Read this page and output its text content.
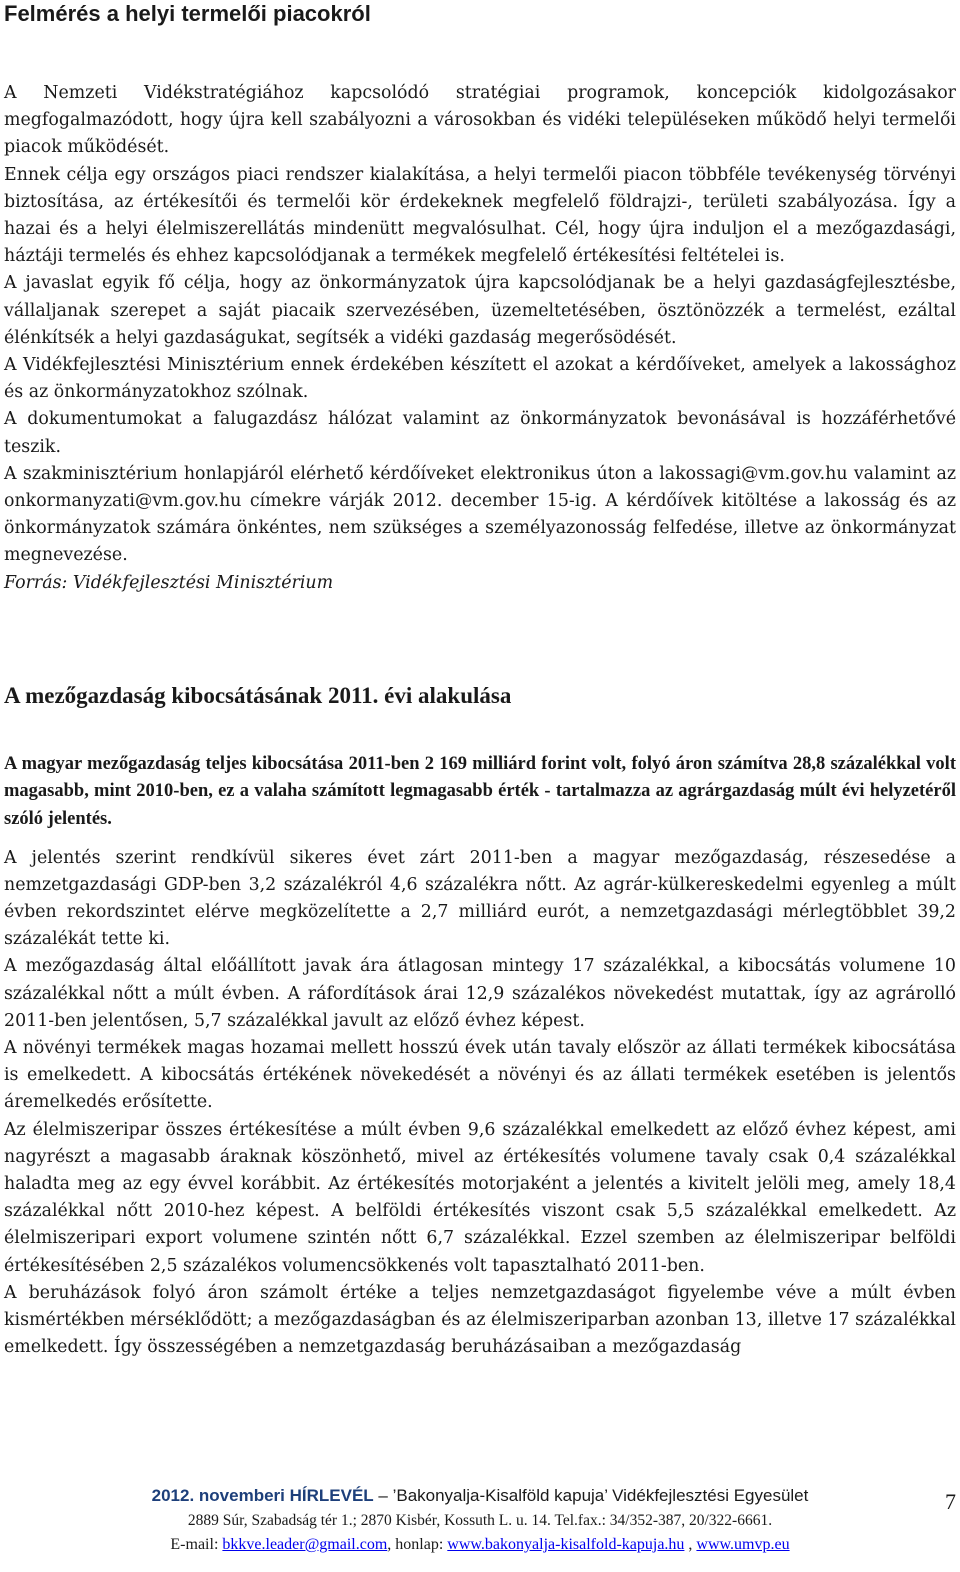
Felmérés a helyi termelői piacokról

A Nemzeti Vidékstratégiához kapcsolódó stratégiai programok, koncepciók kidolgozásakor megfogalmazódott, hogy újra kell szabályozni a városokban és vidéki településeken működő helyi termelői piacok működését.

Ennek célja egy országos piaci rendszer kialakítása, a helyi termelői piacon többféle tevékenység törvényi biztosítása, az értékesítői és termelői kör érdekeknek megfelelő földrajzi-, területi szabályozása. Így a hazai és a helyi élelmiszerellátás mindenütt megvalósulhat. Cél, hogy újra induljon el a mezőgazdasági, háztáji termelés és ehhez kapcsolódjanak a termékek megfelelő értékesítési feltételei is.

A javaslat egyik fő célja, hogy az önkormányzatok újra kapcsolódjanak be a helyi gazdaságfejlesztésbe, vállaljanak szerepet a saját piacaik szervezésében, üzemeltetésében, ösztönözzék a termelést, ezáltal élénkítsék a helyi gazdaságukat, segítsék a vidéki gazdaság megerősödését.

A Vidékfejlesztési Minisztérium ennek érdekében készített el azokat a kérdőíveket, amelyek a lakossághoz és az önkormányzatokhoz szólnak.

A dokumentumokat a falugazdász hálózat valamint az önkormányzatok bevonásával is hozzáférhetővé teszik.

A szakminisztérium honlapjáról elérhető kérdőíveket elektronikus úton a lakossagi@vm.gov.hu valamint az onkormanyzati@vm.gov.hu címekre várják 2012. december 15-ig. A kérdőívek kitöltése a lakosság és az önkormányzatok számára önkéntes, nem szükséges a személyazonosság felfedése, illetve az önkormányzat megnevezése.

Forrás: Vidékfejlesztési Minisztérium

A mezőgazdaság kibocsátásának 2011. évi alakulása

A magyar mezőgazdaság teljes kibocsátása 2011-ben 2 169 milliárd forint volt, folyó áron számítva 28,8 százalékkal volt magasabb, mint 2010-ben, ez a valaha számított legmagasabb érték - tartalmazza az agrárgazdaság múlt évi helyzetéről szóló jelentés.

A jelentés szerint rendkívül sikeres évet zárt 2011-ben a magyar mezőgazdaság, részesedése a nemzetgazdasági GDP-ben 3,2 százalékról 4,6 százalékra nőtt. Az agrár-külkereskedelmi egyenleg a múlt évben rekordszintet elérve megközelítette a 2,7 milliárd eurót, a nemzetgazdasági mérlegtöbblet 39,2 százalékát tette ki.

A mezőgazdaság által előállított javak ára átlagosan mintegy 17 százalékkal, a kibocsátás volumene 10 százalékkal nőtt a múlt évben. A ráfordítások árai 12,9 százalékos növekedést mutattak, így az agrárolló 2011-ben jelentősen, 5,7 százalékkal javult az előző évhez képest.

A növényi termékek magas hozamai mellett hosszú évek után tavaly először az állati termékek kibocsátása is emelkedett. A kibocsátás értékének növekedését a növényi és az állati termékek esetében is jelentős áremelkedés erősítette.

Az élelmiszeripar összes értékesítése a múlt évben 9,6 százalékkal emelkedett az előző évhez képest, ami nagyrészt a magasabb áraknak köszönhető, mivel az értékesítés volumene tavaly csak 0,4 százalékkal haladta meg az egy évvel korábbit. Az értékesítés motorjaként a jelentés a kivitelt jelöli meg, amely 18,4 százalékkal nőtt 2010-hez képest. A belföldi értékesítés viszont csak 5,5 százalékkal emelkedett. Az élelmiszeripari export volumene szintén nőtt 6,7 százalékkal. Ezzel szemben az élelmiszeripar belföldi értékesítésében 2,5 százalékos volumencsökkenés volt tapasztalható 2011-ben.

A beruházások folyó áron számolt értéke a teljes nemzetgazdaságot figyelembe véve a múlt évben kismértékben mérséklődött; a mezőgazdaságban és az élelmiszeriparban azonban 13, illetve 17 százalékkal emelkedett. Így összességében a nemzetgazdaság beruházásaiban a mezőgazdaság

2012. novemberi HÍRLEVÉL – ’Bakonyalja-Kisalföld kapuja’ Vidékfejlesztési Egyesület
2889 Súr, Szabadság tér 1.; 2870 Kisbér, Kossuth L. u. 14. Tel.fax.: 34/352-387, 20/322-6661.
E-mail: bkkve.leader@gmail.com, honlap: www.bakonyalja-kisalfold-kapuja.hu , www.umvp.eu
7
